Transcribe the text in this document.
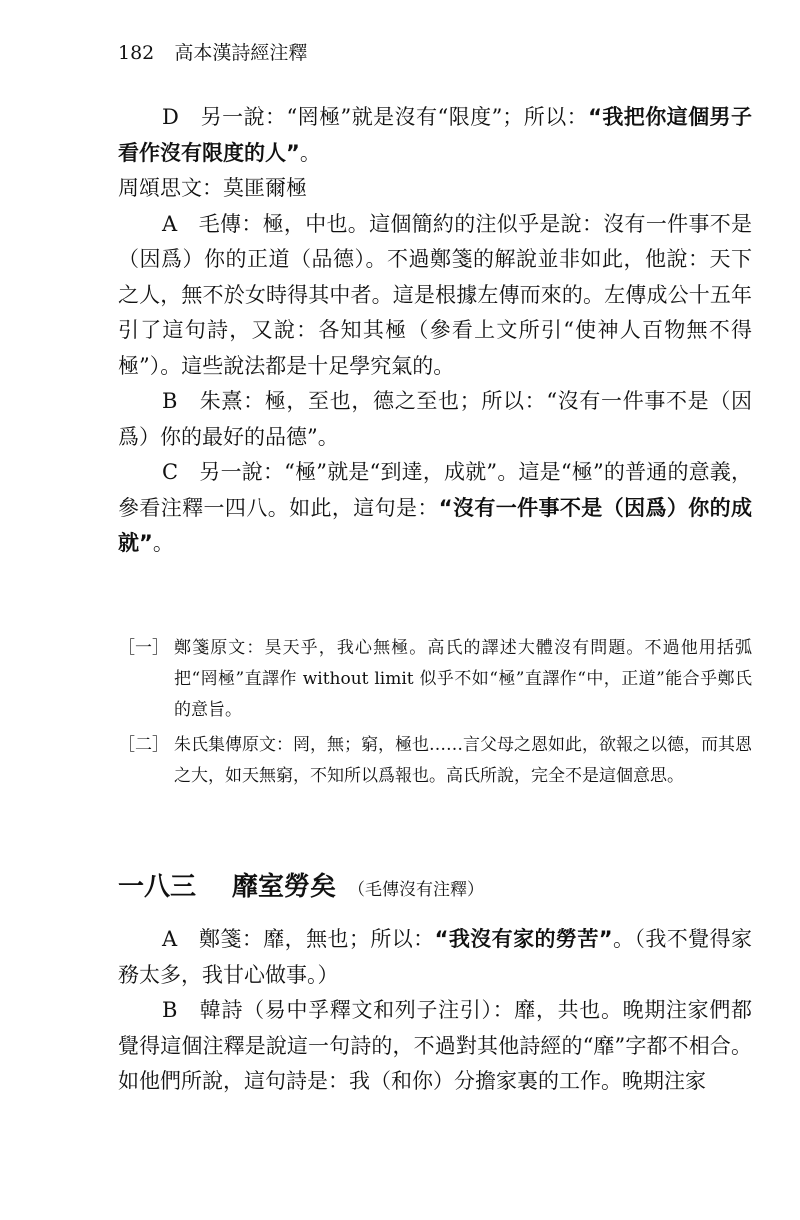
182 高本漢詩經注釋

D　另一說：“罔極”就是沒有“限度”；所以：“我把你這個男子看作沒有限度的人”。

周頌思文：莫匪爾極

A　毛傳：極，中也。這個簡約的注似乎是說：沒有一件事不是（因爲）你的正道（品德）。不過鄭箋的解說並非如此，他說：天下之人，無不於女時得其中者。這是根據左傳而來的。左傳成公十五年引了這句詩，又說：各知其極（參看上文所引“使神人百物無不得極”）。這些說法都是十足學究氣的。

B　朱熹：極，至也，德之至也；所以：“沒有一件事不是（因爲）你的最好的品德”。

C　另一說：“極”就是“到達，成就”。這是“極”的普通的意義，參看注釋一四八。如此，這句是：“沒有一件事不是（因爲）你的成就”。

［一］ 鄭箋原文：昊天乎，我心無極。高氏的譯述大體沒有問題。不過他用括弧把“罔極”直譯作 without limit 似乎不如“極”直譯作“中，正道”能合乎鄭氏的意旨。
［二］ 朱氏集傳原文：罔，無；窮，極也……言父母之恩如此，欲報之以德，而其恩之大，如天無窮，不知所以爲報也。高氏所說，完全不是這個意思。
一八三 靡室勞矣 （毛傳沒有注釋）

A　鄭箋：靡，無也；所以：“我沒有家的勞苦”。（我不覺得家務太多，我甘心做事。）

B　韓詩（易中孚釋文和列子注引）：靡，共也。晚期注家們都覺得這個注釋是說這一句詩的，不過對其他詩經的“靡”字都不相合。如他們所說，這句詩是：我（和你）分擔家裏的工作。晚期注家
